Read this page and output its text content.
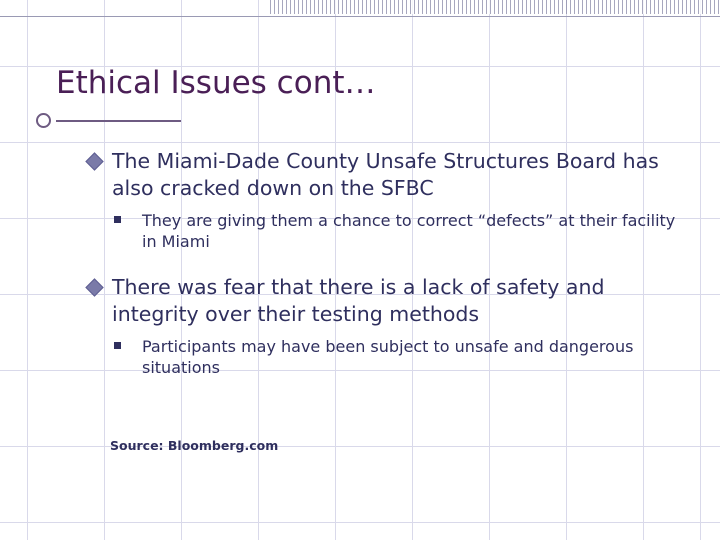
Ethical Issues cont…
The Miami-Dade County Unsafe Structures Board has also cracked down on the SFBC
They are giving them a chance to correct “defects” at their facility in Miami
There was fear that there is a lack of safety and integrity over their testing methods
Participants may have been subject to unsafe and dangerous situations
Source: Bloomberg.com
